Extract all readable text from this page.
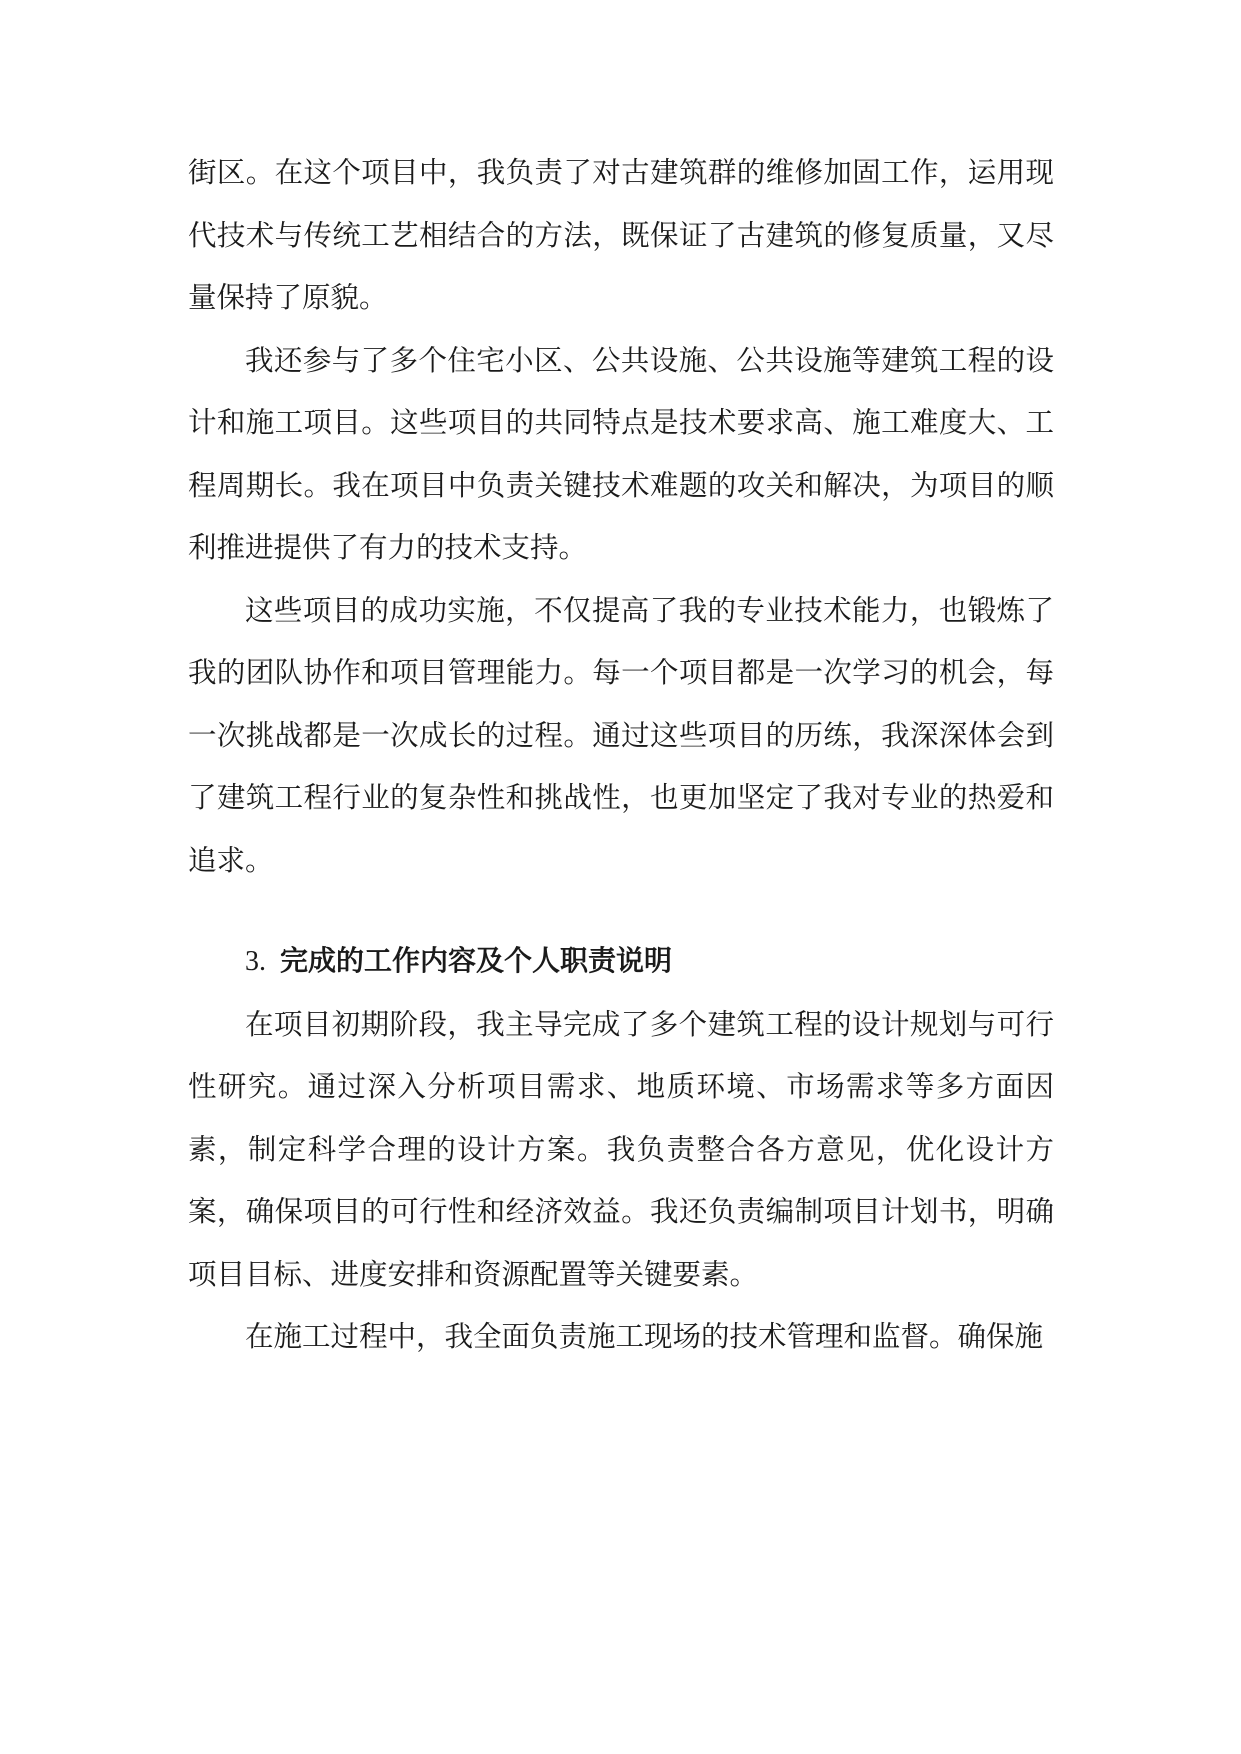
街区。在这个项目中，我负责了对古建筑群的维修加固工作，运用现代技术与传统工艺相结合的方法，既保证了古建筑的修复质量，又尽量保持了原貌。

我还参与了多个住宅小区、公共设施、公共设施等建筑工程的设计和施工项目。这些项目的共同特点是技术要求高、施工难度大、工程周期长。我在项目中负责关键技术难题的攻关和解决，为项目的顺利推进提供了有力的技术支持。

这些项目的成功实施，不仅提高了我的专业技术能力，也锻炼了我的团队协作和项目管理能力。每一个项目都是一次学习的机会，每一次挑战都是一次成长的过程。通过这些项目的历练，我深深体会到了建筑工程行业的复杂性和挑战性，也更加坚定了我对专业的热爱和追求。

3. 完成的工作内容及个人职责说明

在项目初期阶段，我主导完成了多个建筑工程的设计规划与可行性研究。通过深入分析项目需求、地质环境、市场需求等多方面因素，制定科学合理的设计方案。我负责整合各方意见，优化设计方案，确保项目的可行性和经济效益。我还负责编制项目计划书，明确项目目标、进度安排和资源配置等关键要素。

在施工过程中，我全面负责施工现场的技术管理和监督。确保施
